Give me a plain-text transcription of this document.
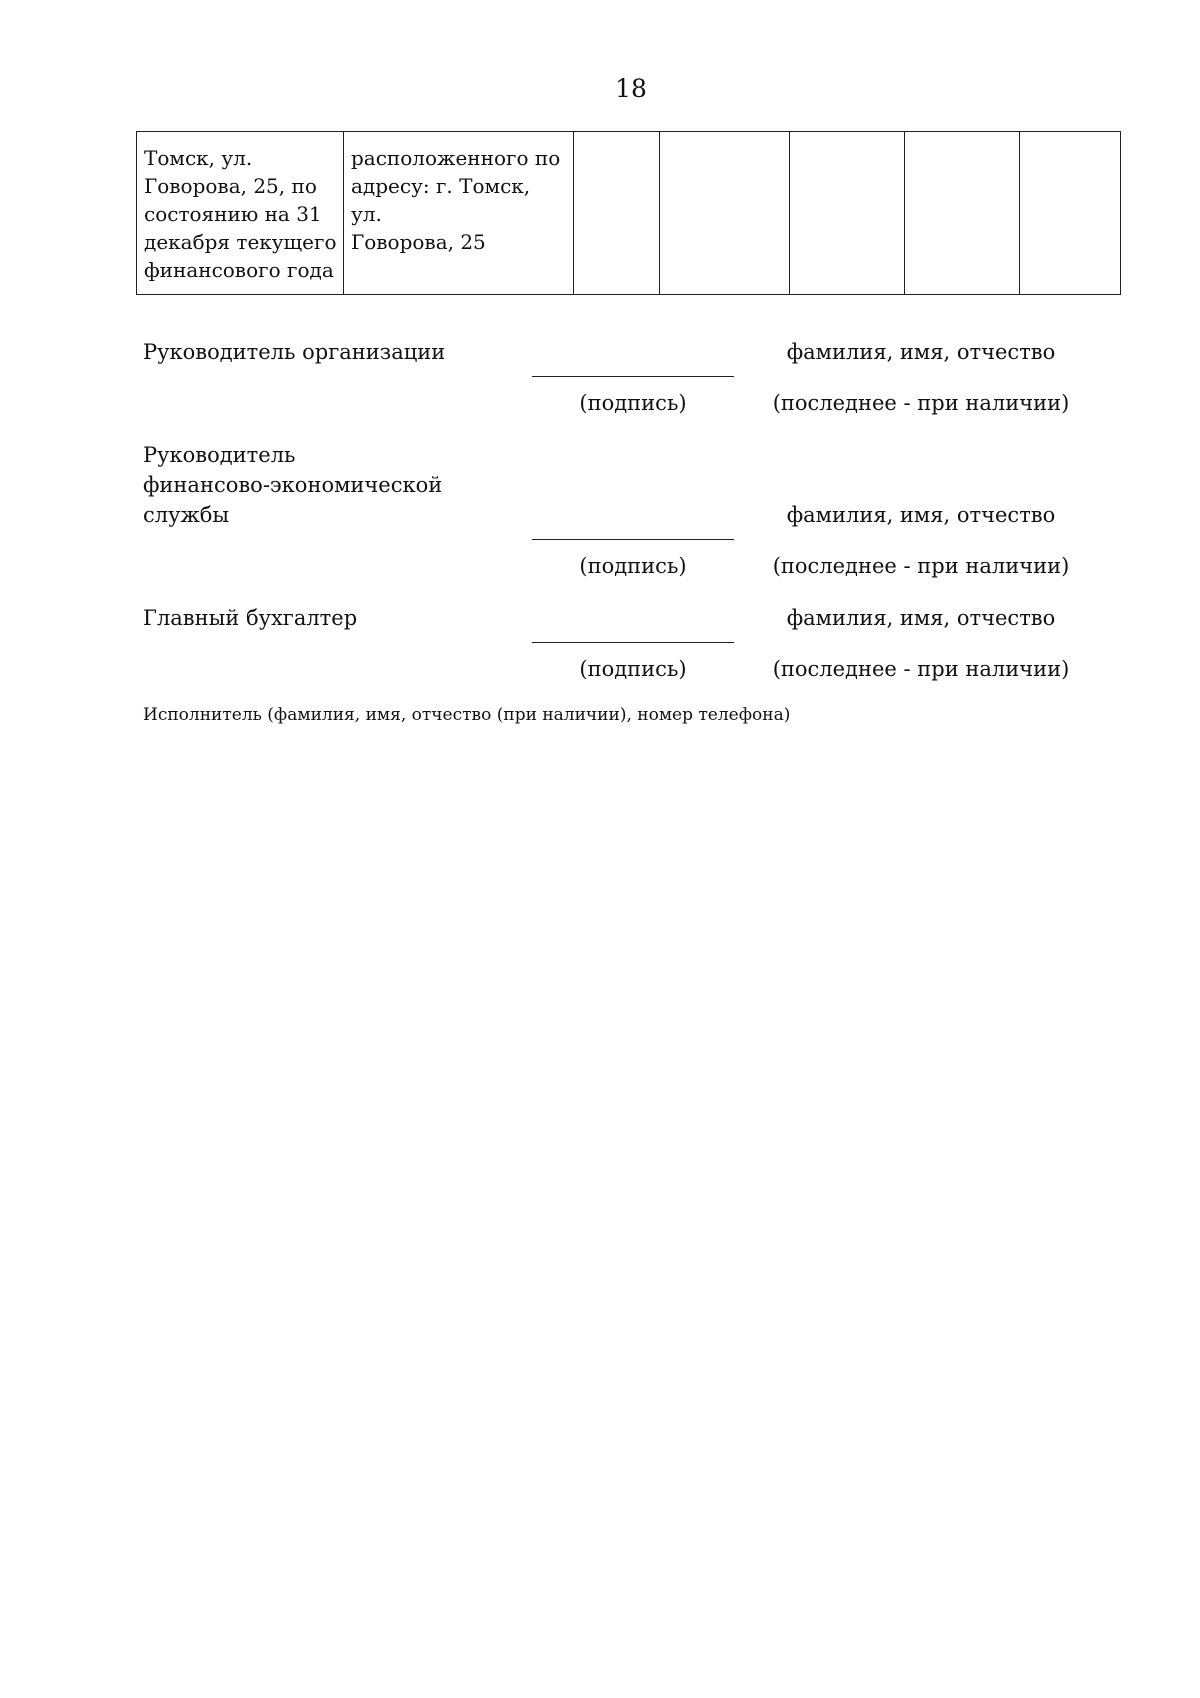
18
Томск, ул.
Говорова, 25, по
состоянию на 31
декабря текущего
финансового года	расположенного по
адресу: г. Томск, ул.
Говорова, 25					
Руководитель организации	фамилия, имя, отчество
(подпись)	(последнее - при наличии)
Руководитель
финансово-экономической
службы	фамилия, имя, отчество
(подпись)	(последнее - при наличии)
Главный бухгалтер	фамилия, имя, отчество
(подпись)	(последнее - при наличии)
Исполнитель (фамилия, имя, отчество (при наличии), номер телефона)
